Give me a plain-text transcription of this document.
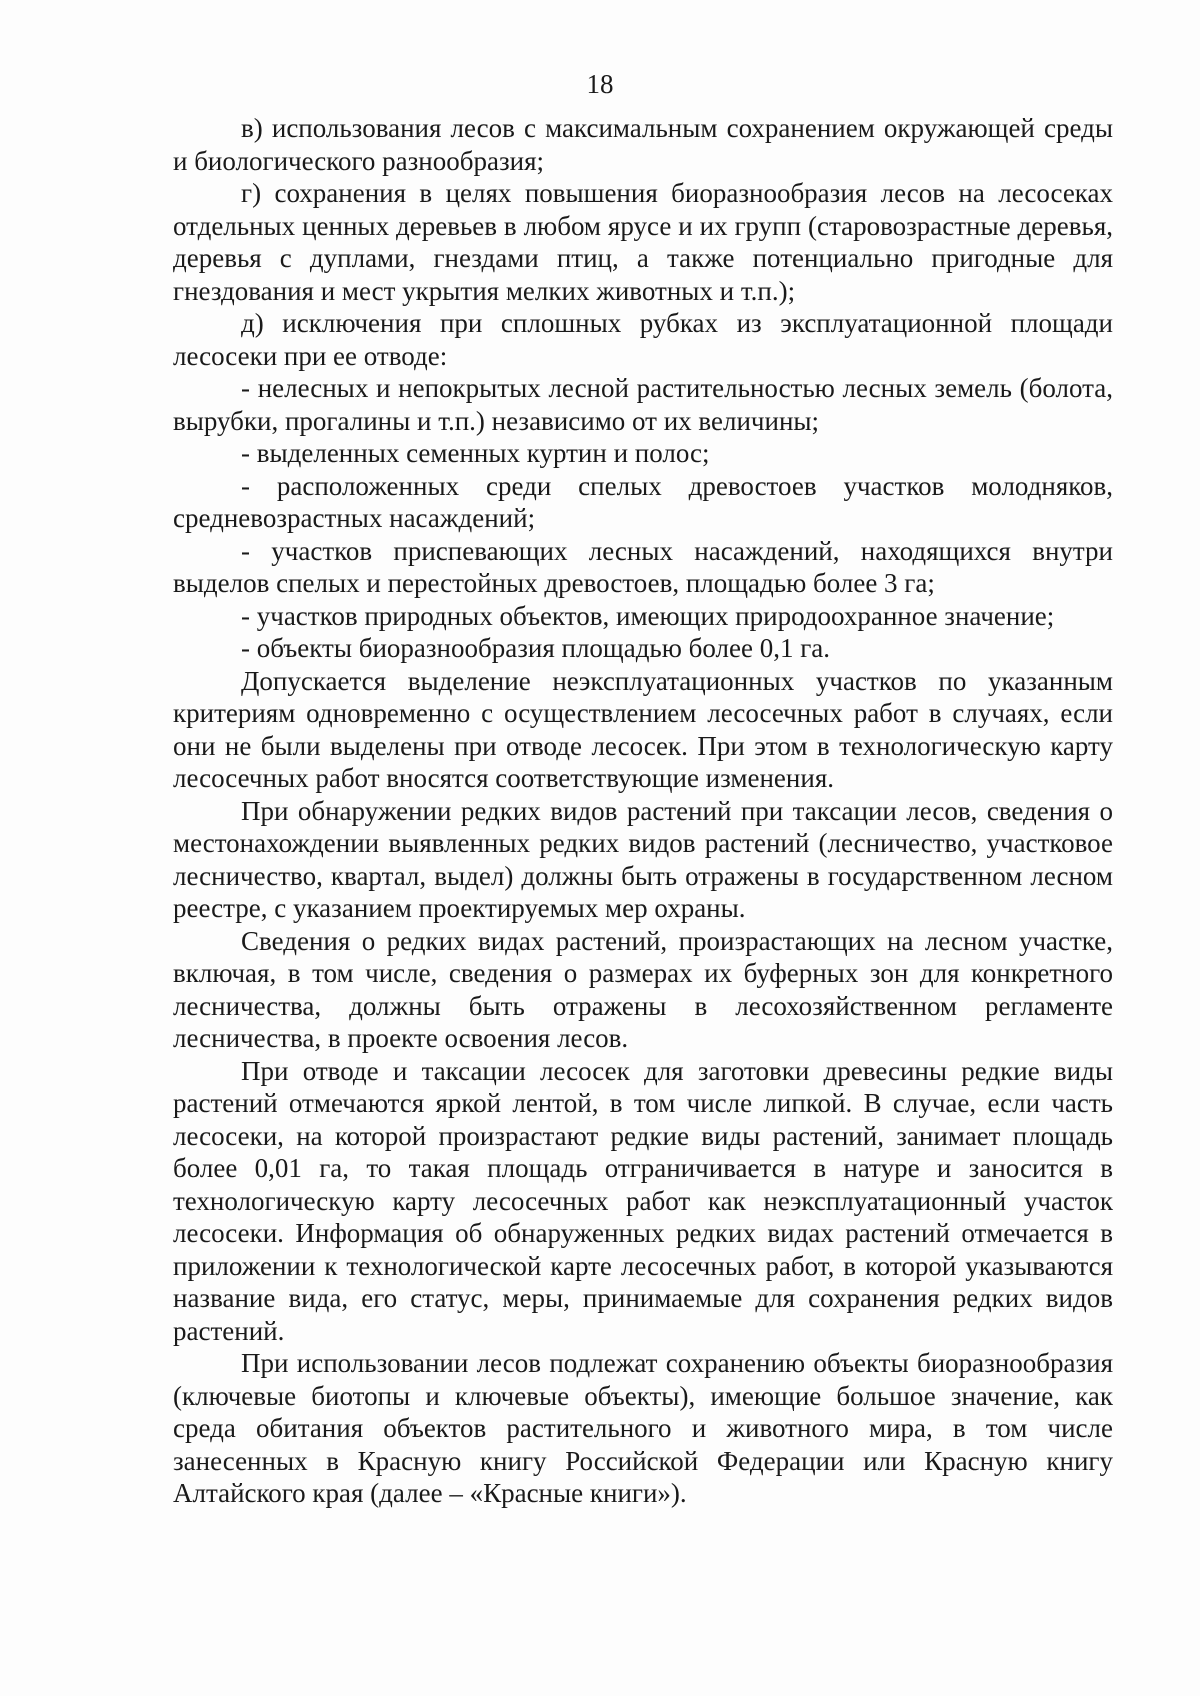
18

в) использования лесов с максимальным сохранением окружающей среды и биологического разнообразия;

г) сохранения в целях повышения биоразнообразия лесов на лесосеках отдельных ценных деревьев в любом ярусе и их групп (старовозрастные деревья, деревья с дуплами, гнездами птиц, а также потенциально пригодные для гнездования и мест укрытия мелких животных и т.п.);

д) исключения при сплошных рубках из эксплуатационной площади лесосеки при ее отводе:

- нелесных и непокрытых лесной растительностью лесных земель (болота, вырубки, прогалины и т.п.) независимо от их величины;

- выделенных семенных куртин и полос;

- расположенных среди спелых древостоев участков молодняков, средневозрастных насаждений;

- участков приспевающих лесных насаждений, находящихся внутри выделов спелых и перестойных древостоев, площадью более 3 га;

- участков природных объектов, имеющих природоохранное значение;

- объекты биоразнообразия площадью более 0,1 га.

Допускается выделение неэксплуатационных участков по указанным критериям одновременно с осуществлением лесосечных работ в случаях, если они не были выделены при отводе лесосек. При этом в технологическую карту лесосечных работ вносятся соответствующие изменения.

При обнаружении редких видов растений при таксации лесов, сведения о местонахождении выявленных редких видов растений (лесничество, участковое лесничество, квартал, выдел) должны быть отражены в государственном лесном реестре, с указанием проектируемых мер охраны.

Сведения о редких видах растений, произрастающих на лесном участке, включая, в том числе, сведения о размерах их буферных зон для конкретного лесничества, должны быть отражены в лесохозяйственном регламенте лесничества, в проекте освоения лесов.

При отводе и таксации лесосек для заготовки древесины редкие виды растений отмечаются яркой лентой, в том числе липкой. В случае, если часть лесосеки, на которой произрастают редкие виды растений, занимает площадь более 0,01 га, то такая площадь отграничивается в натуре и заносится в технологическую карту лесосечных работ как неэксплуатационный участок лесосеки. Информация об обнаруженных редких видах растений отмечается в приложении к технологической карте лесосечных работ, в которой указываются название вида, его статус, меры, принимаемые для сохранения редких видов растений.

При использовании лесов подлежат сохранению объекты биоразнообразия (ключевые биотопы и ключевые объекты), имеющие большое значение, как среда обитания объектов растительного и животного мира, в том числе занесенных в Красную книгу Российской Федерации или Красную книгу Алтайского края (далее – «Красные книги»).
